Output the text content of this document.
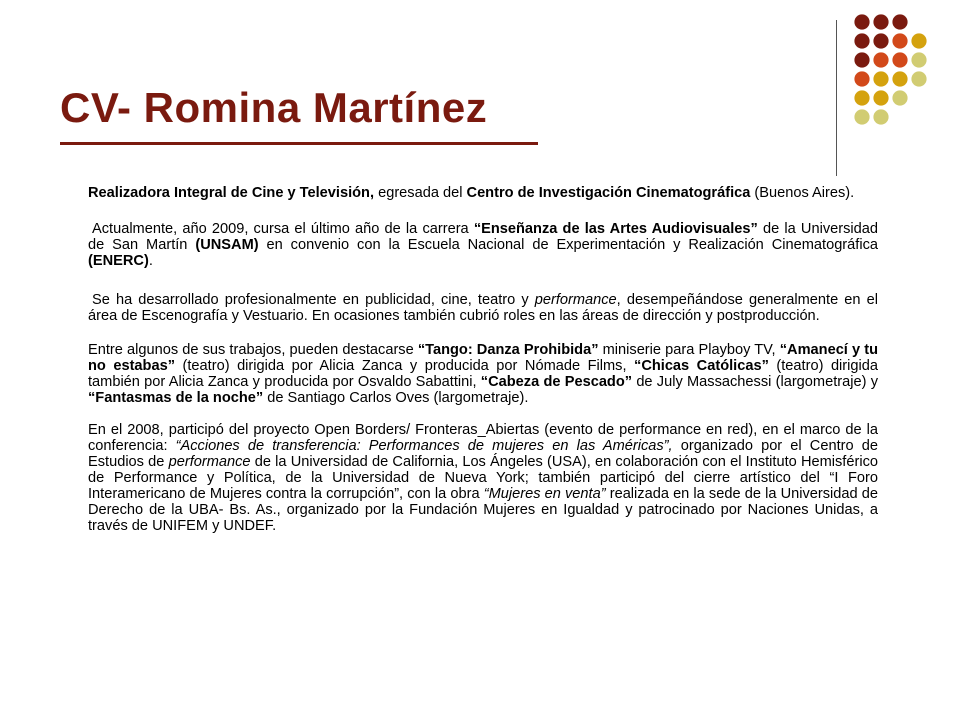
CV- Romina Martínez

Realizadora Integral de Cine y Televisión, egresada del Centro de Investigación Cinematográfica (Buenos Aires).

Actualmente, año 2009, cursa el último año de la carrera “Enseñanza de las Artes Audiovisuales” de la Universidad de San Martín (UNSAM) en convenio con la Escuela Nacional de Experimentación y Realización Cinematográfica (ENERC).

Se ha desarrollado profesionalmente en publicidad, cine, teatro y performance, desempeñándose generalmente en el área de Escenografía y Vestuario. En ocasiones también cubrió roles en las áreas de dirección y postproducción.

Entre algunos de sus trabajos, pueden destacarse “Tango: Danza Prohibida” miniserie para Playboy TV, “Amanecí y tu no estabas” (teatro) dirigida por Alicia Zanca y producida por Nómade Films, “Chicas Católicas” (teatro) dirigida también por Alicia Zanca y producida por Osvaldo Sabattini, “Cabeza de Pescado” de July Massachessi (largometraje) y “Fantasmas de la noche” de Santiago Carlos Oves (largometraje).

En el 2008, participó del proyecto Open Borders/ Fronteras_Abiertas (evento de performance en red), en el marco de la conferencia: “Acciones de transferencia: Performances de mujeres en las Américas”, organizado por el Centro de Estudios de performance de la Universidad de California, Los Ángeles (USA), en colaboración con el Instituto Hemisférico de Performance y Política, de la Universidad de Nueva York; también participó del cierre artístico del “I Foro Interamericano de Mujeres contra la corrupción”, con la obra “Mujeres en venta” realizada en la sede de la Universidad de Derecho de la UBA- Bs. As., organizado por la Fundación Mujeres en Igualdad y patrocinado por Naciones Unidas, a través de UNIFEM y UNDEF.
